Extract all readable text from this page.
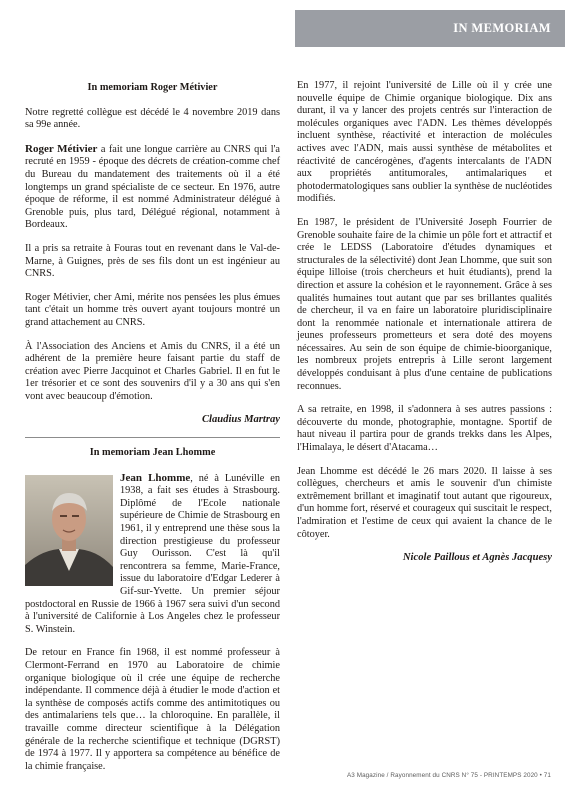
IN MEMORIAM
In memoriam Roger Métivier

Notre regretté collègue est décédé le 4 novembre 2019 dans sa 99e année.

Roger Métivier a fait une longue carrière au CNRS qui l'a recruté en 1959 - époque des décrets de création-comme chef du Bureau du mandatement des traitements où il a été longtemps un grand spécialiste de ce secteur. En 1976, autre époque de réforme, il est nommé Administrateur délégué à Grenoble puis, plus tard, Délégué régional, notamment à Bordeaux.

Il a pris sa retraite à Fouras tout en revenant dans le Val-de-Marne, à Guignes, près de ses fils dont un est ingénieur au CNRS.

Roger Métivier, cher Ami, mérite nos pensées les plus émues tant c'était un homme très ouvert ayant toujours montré un grand attachement au CNRS.

À l'Association des Anciens et Amis du CNRS, il a été un adhérent de la première heure faisant partie du staff de création avec Pierre Jacquinot et Charles Gabriel. Il en fut le 1er trésorier et ce sont des souvenirs d'il y a 30 ans qui s'en vont avec beaucoup d'émotion.

Claudius Martray
In memoriam Jean Lhomme

Jean Lhomme, né à Lunéville en 1938, a fait ses études à Strasbourg. Diplômé de l'Ecole nationale supérieure de Chimie de Strasbourg en 1961, il y entreprend une thèse sous la direction prestigieuse du professeur Guy Ourisson. C'est là qu'il rencontrera sa femme, Marie-France, issue du laboratoire d'Edgar Lederer à Gif-sur-Yvette. Un premier séjour postdoctoral en Russie de 1966 à 1967 sera suivi d'un second à l'université de Californie à Los Angeles chez le professeur S. Winstein.

De retour en France fin 1968, il est nommé professeur à Clermont-Ferrand en 1970 au Laboratoire de chimie organique biologique où il crée une équipe de recherche indépendante. Il commence déjà à étudier le mode d'action et la synthèse de composés actifs comme des antimitotiques ou des antimalariens tels que… la chloroquine. En parallèle, il travaille comme directeur scientifique à la Délégation générale de la recherche scientifique et technique (DGRST) de 1974 à 1977. Il y apportera sa compétence au bénéfice de la chimie française.

En 1977, il rejoint l'université de Lille où il y crée une nouvelle équipe de Chimie organique biologique. Dix ans durant, il va y lancer des projets centrés sur l'interaction de molécules organiques avec l'ADN. Les thèmes développés incluent synthèse, réactivité et interaction de molécules actives avec l'ADN, mais aussi synthèse de métabolites et réactivité de cancérogènes, d'agents intercalants de l'ADN aux propriétés antitumorales, antimalariques et photodermatologiques sans oublier la synthèse de nucléotides modifiés.

En 1987, le président de l'Université Joseph Fourrier de Grenoble souhaite faire de la chimie un pôle fort et attractif et crée le LEDSS (Laboratoire d'études dynamiques et structurales de la sélectivité) dont Jean Lhomme, que suit son équipe lilloise (trois chercheurs et huit étudiants), prend la direction et assure la cohésion et le rayonnement. Grâce à ses qualités humaines tout autant que par ses brillantes qualités de chercheur, il va en faire un laboratoire pluridisciplinaire dont la renommée nationale et internationale attirera de jeunes professeurs prometteurs et sera doté des moyens nécessaires. Au sein de son équipe de chimie-bioorganique, les nombreux projets entrepris à Lille seront largement développés conduisant à plus d'une centaine de publications reconnues.

A sa retraite, en 1998, il s'adonnera à ses autres passions : découverte du monde, photographie, montagne. Sportif de haut niveau il partira pour de grands trekks dans les Alpes, l'Himalaya, le désert d'Atacama…

Jean Lhomme est décédé le 26 mars 2020. Il laisse à ses collègues, chercheurs et amis le souvenir d'un chimiste extrêmement brillant et imaginatif tout autant que rigoureux, d'un homme fort, réservé et courageux qui suscitait le respect, l'admiration et l'estime de ceux qui avaient la chance de le côtoyer.

Nicole Paillous et Agnès Jacquesy
A3 Magazine / Rayonnement du CNRS N° 75 - PRINTEMPS 2020 • 71
